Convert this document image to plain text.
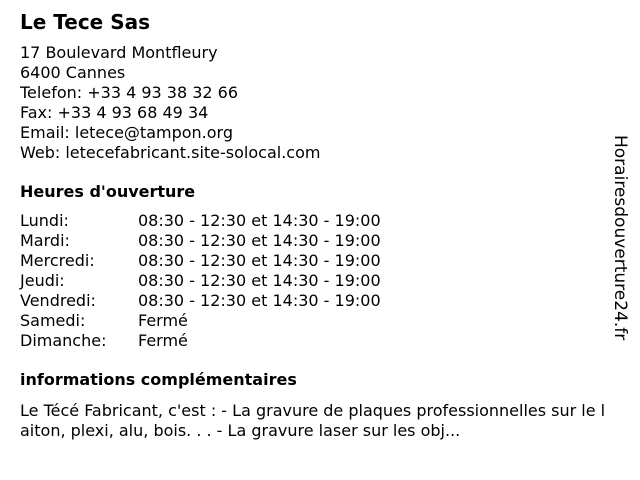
Le Tece Sas
17 Boulevard Montfleury
6400 Cannes
Telefon: +33 4 93 38 32 66
Fax: +33 4 93 68 49 34
Email: letece@tampon.org
Web: letecefabricant.site-solocal.com
Heures d'ouverture
Lundi:	08:30 - 12:30 et 14:30 - 19:00
Mardi:	08:30 - 12:30 et 14:30 - 19:00
Mercredi:	08:30 - 12:30 et 14:30 - 19:00
Jeudi:	08:30 - 12:30 et 14:30 - 19:00
Vendredi:	08:30 - 12:30 et 14:30 - 19:00
Samedi:	Fermé
Dimanche:	Fermé
informations complémentaires
Le Técé Fabricant, c'est : - La gravure de plaques professionnelles sur le laiton, plexi, alu, bois. . . - La gravure laser sur les obj...
Horairesdouverture24.fr
